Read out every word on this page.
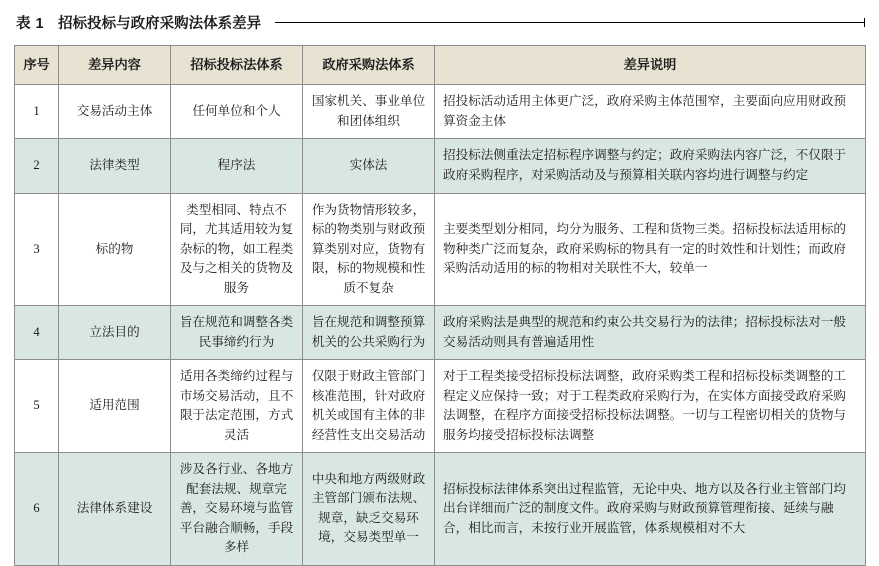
表 1 招标投标与政府采购法体系差异
序号	差异内容	招标投标法体系	政府采购法体系	差异说明
1	交易活动主体	任何单位和个人	国家机关、事业单位和团体组织	招投标活动适用主体更广泛，政府采购主体范围窄，主要面向应用财政预算资金主体
2	法律类型	程序法	实体法	招投标法侧重法定招标程序调整与约定；政府采购法内容广泛，不仅限于政府采购程序，对采购活动及与预算相关联内容均进行调整与约定
3	标的物	类型相同、特点不同，尤其适用较为复杂标的物，如工程类及与之相关的货物及服务	作为货物情形较多，标的物类别与财政预算类别对应，货物有限，标的物规模和性质不复杂	主要类型划分相同，均分为服务、工程和货物三类。招标投标法适用标的物种类广泛而复杂，政府采购标的物具有一定的时效性和计划性；而政府采购活动适用的标的物相对关联性不大，较单一
4	立法目的	旨在规范和调整各类民事缔约行为	旨在规范和调整预算机关的公共采购行为	政府采购法是典型的规范和约束公共交易行为的法律；招标投标法对一般交易活动则具有普遍适用性
5	适用范围	适用各类缔约过程与市场交易活动，且不限于法定范围，方式灵活	仅限于财政主管部门核准范围，针对政府机关或国有主体的非经营性支出交易活动	对于工程类接受招标投标法调整，政府采购类工程和招标投标类调整的工程定义应保持一致；对于工程类政府采购行为，在实体方面接受政府采购法调整，在程序方面接受招标投标法调整。一切与工程密切相关的货物与服务均接受招标投标法调整
6	法律体系建设	涉及各行业、各地方配套法规、规章完善，交易环境与监管平台融合顺畅，手段多样	中央和地方两级财政主管部门颁布法规、规章，缺乏交易环境，交易类型单一	招标投标法律体系突出过程监管，无论中央、地方以及各行业主管部门均出台详细而广泛的制度文件。政府采购与财政预算管理衔接、延续与融合，相比而言，未按行业开展监管，体系规模相对不大
